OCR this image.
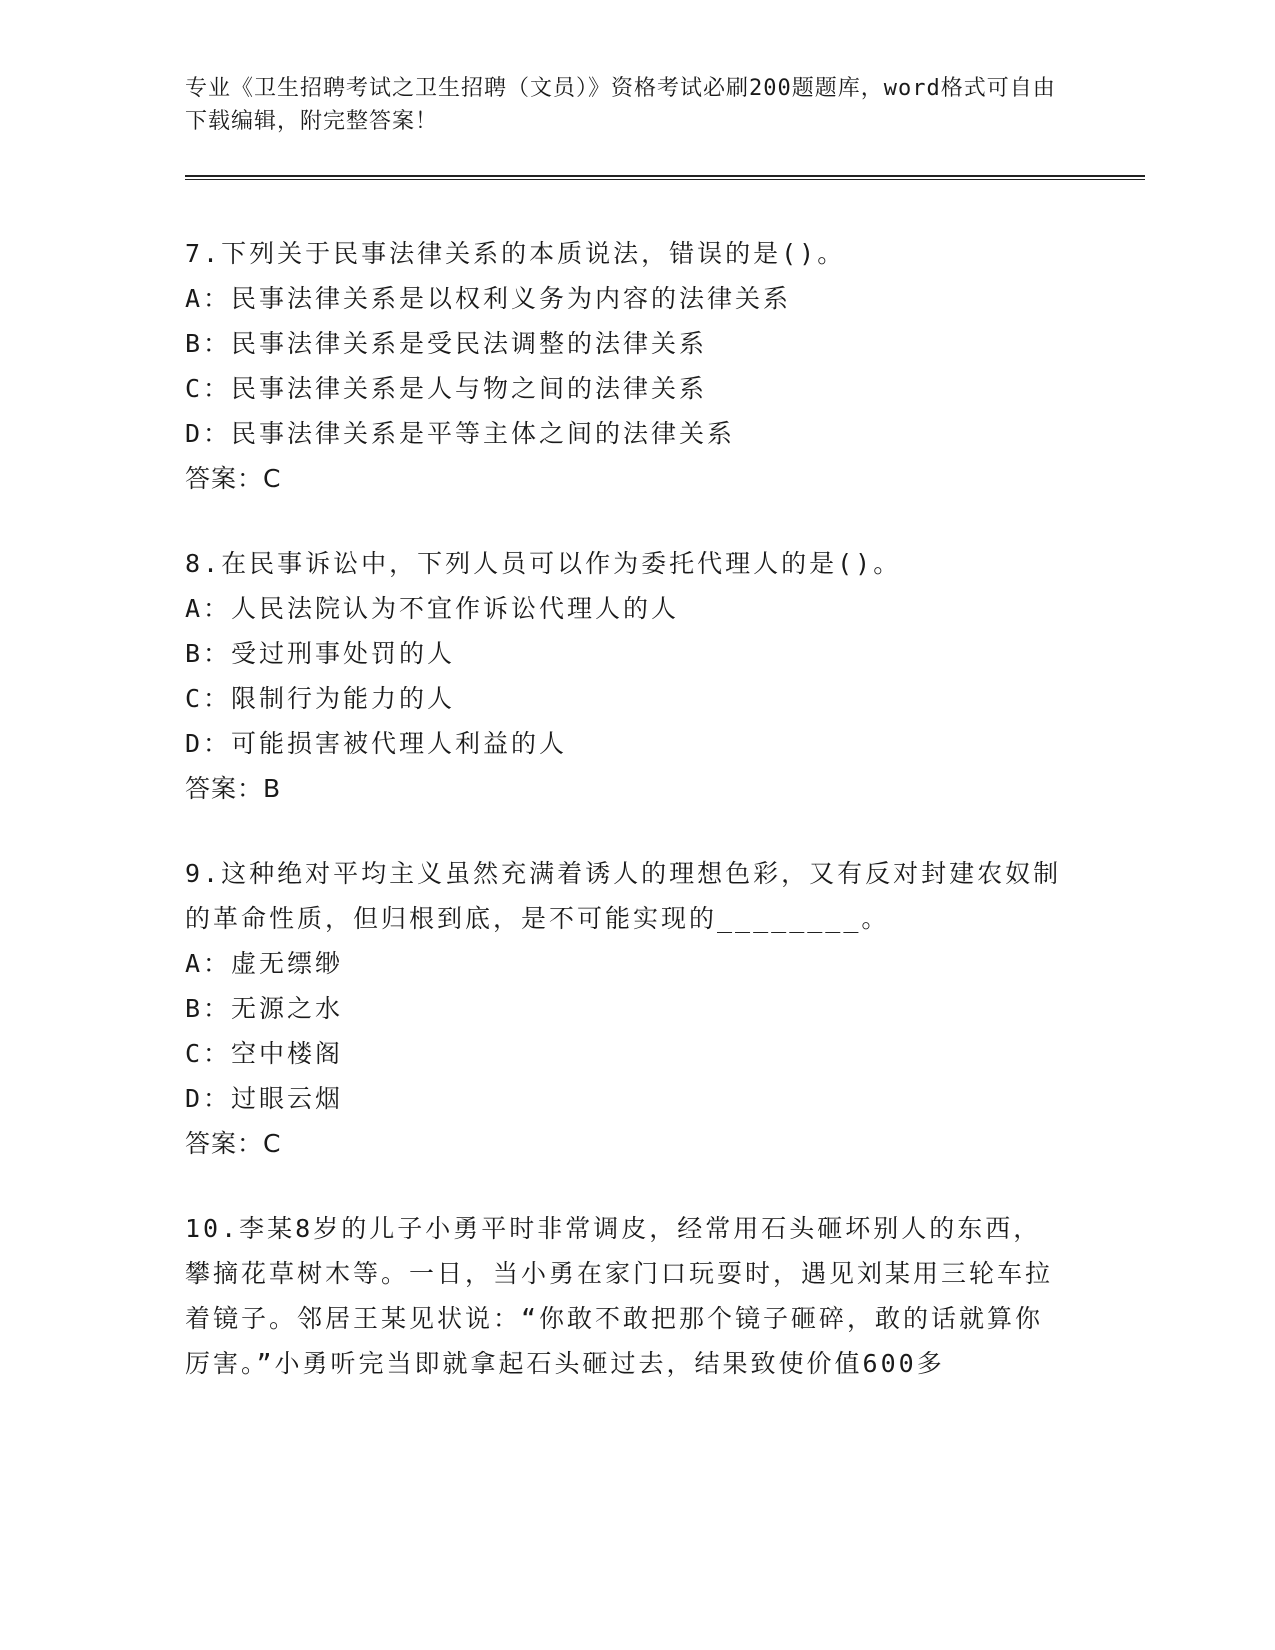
专业《卫生招聘考试之卫生招聘（文员）》资格考试必刷200题题库，word格式可自由下载编辑，附完整答案！
7.下列关于民事法律关系的本质说法，错误的是()。
A：民事法律关系是以权利义务为内容的法律关系
B：民事法律关系是受民法调整的法律关系
C：民事法律关系是人与物之间的法律关系
D：民事法律关系是平等主体之间的法律关系
答案：C
8.在民事诉讼中，下列人员可以作为委托代理人的是()。
A：人民法院认为不宜作诉讼代理人的人
B：受过刑事处罚的人
C：限制行为能力的人
D：可能损害被代理人利益的人
答案：B
9.这种绝对平均主义虽然充满着诱人的理想色彩，又有反对封建农奴制的革命性质，但归根到底，是不可能实现的________。
A：虚无缥缈
B：无源之水
C：空中楼阁
D：过眼云烟
答案：C
10.李某8岁的儿子小勇平时非常调皮，经常用石头砸坏别人的东西，攀摘花草树木等。一日，当小勇在家门口玩耍时，遇见刘某用三轮车拉着镜子。邻居王某见状说：“你敢不敢把那个镜子砸碎，敢的话就算你厉害。”小勇听完当即就拿起石头砸过去，结果致使价值600多
